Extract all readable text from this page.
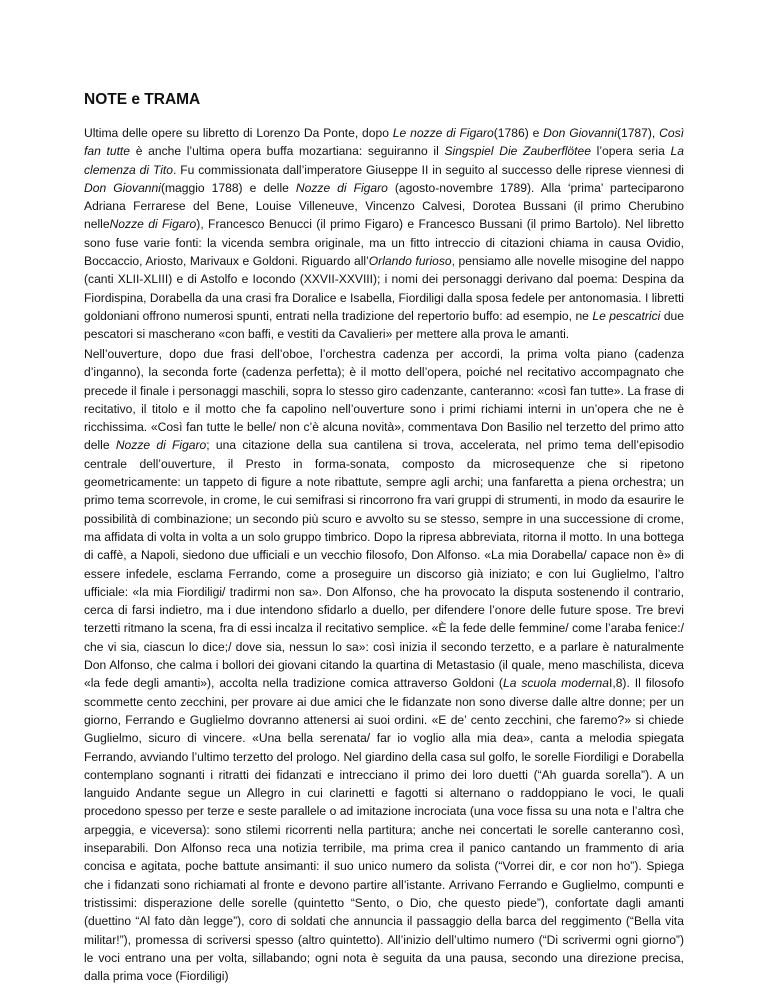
NOTE e TRAMA

Ultima delle opere su libretto di Lorenzo Da Ponte, dopo Le nozze di Figaro(1786) e Don Giovanni(1787), Così fan tutte è anche l’ultima opera buffa mozartiana: seguiranno il Singspiel Die Zauberflötee l’opera seria La clemenza di Tito. Fu commissionata dall’imperatore Giuseppe II in seguito al successo delle riprese viennesi di Don Giovanni(maggio 1788) e delle Nozze di Figaro (agosto-novembre 1789). Alla ‘prima’ parteciparono Adriana Ferrarese del Bene, Louise Villeneuve, Vincenzo Calvesi, Dorotea Bussani (il primo Cherubino nelleNozze di Figaro), Francesco Benucci (il primo Figaro) e Francesco Bussani (il primo Bartolo). Nel libretto sono fuse varie fonti: la vicenda sembra originale, ma un fitto intreccio di citazioni chiama in causa Ovidio, Boccaccio, Ariosto, Marivaux e Goldoni. Riguardo all’Orlando furioso, pensiamo alle novelle misogine del nappo (canti XLII-XLIII) e di Astolfo e Iocondo (XXVII-XXVIII); i nomi dei personaggi derivano dal poema: Despina da Fiordispina, Dorabella da una crasi fra Doralice e Isabella, Fiordiligi dalla sposa fedele per antonomasia. I libretti goldoniani offrono numerosi spunti, entrati nella tradizione del repertorio buffo: ad esempio, ne Le pescatrici due pescatori si mascherano «con baffi, e vestiti da Cavalieri» per mettere alla prova le amanti.

Nell’ouverture, dopo due frasi dell’oboe, l’orchestra cadenza per accordi, la prima volta piano (cadenza d’inganno), la seconda forte (cadenza perfetta); è il motto dell’opera, poiché nel recitativo accompagnato che precede il finale i personaggi maschili, sopra lo stesso giro cadenzante, canteranno: «così fan tutte». La frase di recitativo, il titolo e il motto che fa capolino nell’ouverture sono i primi richiami interni in un’opera che ne è ricchissima. «Così fan tutte le belle/ non c’è alcuna novità», commentava Don Basilio nel terzetto del primo atto delle Nozze di Figaro; una citazione della sua cantilena si trova, accelerata, nel primo tema dell’episodio centrale dell’ouverture, il Presto in forma-sonata, composto da microsequenze che si ripetono geometricamente: un tappeto di figure a note ribattute, sempre agli archi; una fanfaretta a piena orchestra; un primo tema scorrevole, in crome, le cui semifrasi si rincorrono fra vari gruppi di strumenti, in modo da esaurire le possibilità di combinazione; un secondo più scuro e avvolto su se stesso, sempre in una successione di crome, ma affidata di volta in volta a un solo gruppo timbrico. Dopo la ripresa abbreviata, ritorna il motto. In una bottega di caffè, a Napoli, siedono due ufficiali e un vecchio filosofo, Don Alfonso. «La mia Dorabella/ capace non è» di essere infedele, esclama Ferrando, come a proseguire un discorso già iniziato; e con lui Guglielmo, l’altro ufficiale: «la mia Fiordiligi/ tradirmi non sa». Don Alfonso, che ha provocato la disputa sostenendo il contrario, cerca di farsi indietro, ma i due intendono sfidarlo a duello, per difendere l’onore delle future spose. Tre brevi terzetti ritmano la scena, fra di essi incalza il recitativo semplice. «È la fede delle femmine/ come l’araba fenice:/ che vi sia, ciascun lo dice;/ dove sia, nessun lo sa»: così inizia il secondo terzetto, e a parlare è naturalmente Don Alfonso, che calma i bollori dei giovani citando la quartina di Metastasio (il quale, meno maschilista, diceva «la fede degli amanti»), accolta nella tradizione comica attraverso Goldoni (La scuola modernaI,8). Il filosofo scommette cento zecchini, per provare ai due amici che le fidanzate non sono diverse dalle altre donne; per un giorno, Ferrando e Guglielmo dovranno attenersi ai suoi ordini. «E de’ cento zecchini, che faremo?» si chiede Guglielmo, sicuro di vincere. «Una bella serenata/ far io voglio alla mia dea», canta a melodia spiegata Ferrando, avviando l’ultimo terzetto del prologo. Nel giardino della casa sul golfo, le sorelle Fiordiligi e Dorabella contemplano sognanti i ritratti dei fidanzati e intrecciano il primo dei loro duetti (“Ah guarda sorella”). A un languido Andante segue un Allegro in cui clarinetti e fagotti si alternano o raddoppiano le voci, le quali procedono spesso per terze e seste parallele o ad imitazione incrociata (una voce fissa su una nota e l’altra che arpeggia, e viceversa): sono stilemi ricorrenti nella partitura; anche nei concertati le sorelle canteranno così, inseparabili. Don Alfonso reca una notizia terribile, ma prima crea il panico cantando un frammento di aria concisa e agitata, poche battute ansimanti: il suo unico numero da solista (“Vorrei dir, e cor non ho”). Spiega che i fidanzati sono richiamati al fronte e devono partire all’istante. Arrivano Ferrando e Guglielmo, compunti e tristissimi: disperazione delle sorelle (quintetto “Sento, o Dio, che questo piede”), confortate dagli amanti (duettino “Al fato dàn legge”), coro di soldati che annuncia il passaggio della barca del reggimento (“Bella vita militar!”), promessa di scriversi spesso (altro quintetto). All’inizio dell’ultimo numero (“Di scrivermi ogni giorno”) le voci entrano una per volta, sillabando; ogni nota è seguita da una pausa, secondo una direzione precisa, dalla prima voce (Fiordiligi)
